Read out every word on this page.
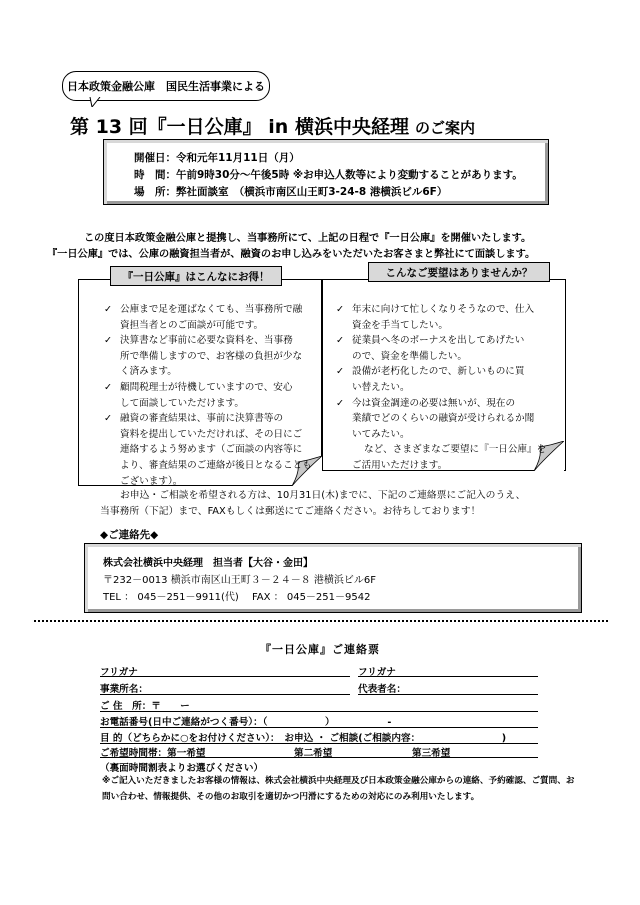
日本政策金融公庫　国民生活事業による
第 13 回『一日公庫』 in 横浜中央経理 のご案内
開催日：令和元年11月11日（月）
時　間：午前9時30分～午後5時 ※お申込人数等により変動することがあります。
場　所：弊社面談室　（横浜市南区山王町3-24-8 港横浜ビル6F）
この度日本政策金融公庫と提携し、当事務所にて、上記の日程で『一日公庫』を開催いたします。
『一日公庫』では、公庫の融資担当者が、融資のお申し込みをいただいたお客さまと弊社にて面談します。
『一日公庫』はこんなにお得！
✓ 公庫まで足を運ばなくても、当事務所で融
資担当者とのご面談が可能です。
✓ 決算書など事前に必要な資料を、当事務
所で準備しますので、お客様の負担が少な
く済みます。
✓ 顧問税理士が待機していますので、安心
して面談していただけます。
✓ 融資の審査結果は、事前に決算書等の
資料を提出していただければ、その日にご
連絡するよう努めます（ご面談の内容等に
より、審査結果のご連絡が後日となることも
ございます）。
こんなご要望はありませんか？
✓ 年末に向けて忙しくなりそうなので、仕入
資金を手当てしたい。
✓ 従業員へ冬のボーナスを出してあげたい
ので、資金を準備したい。
✓ 設備が老朽化したので、新しいものに買
い替えたい。
✓ 今は資金調達の必要は無いが、現在の
業績でどのくらいの融資が受けられるか聞
いてみたい。
など、さまざまなご要望に『一日公庫』を
ご活用いただけます。
お申込・ご相談を希望される方は、10月31日(木)までに、下記のご連絡票にご記入のうえ、
当事務所（下記）まで、FAXもしくは郵送にてご連絡ください。お待ちしております！
◆ご連絡先◆
株式会社横浜中央経理　担当者【大谷・金田】
〒232－0013 横浜市南区山王町３－２４－８ 港横浜ビル6F
TEL ： 045－251－9911(代)　 FAX ： 045－251－9542
『一日公庫』ご連絡票
フリガナ	フリガナ
事業所名：	代表者名：
ご 住　所：〒　　ー
お電話番号(日中ご連絡がつく番号）：（　　　　　　）　　　　　　-
目 的（どちらかに○をお付けください）：　お申込 ・ ご相談(ご相談内容：　　　　　　　　　)
ご希望時間帯：第一希望	第二希望	第三希望
（裏面時間割表よりお選びください）
※ご記入いただきましたお客様の情報は、株式会社横浜中央経理及び日本政策金融公庫からの連絡、予約確認、ご質問、お
問い合わせ、情報提供、その他のお取引を適切かつ円滑にするための対応にのみ利用いたします。
